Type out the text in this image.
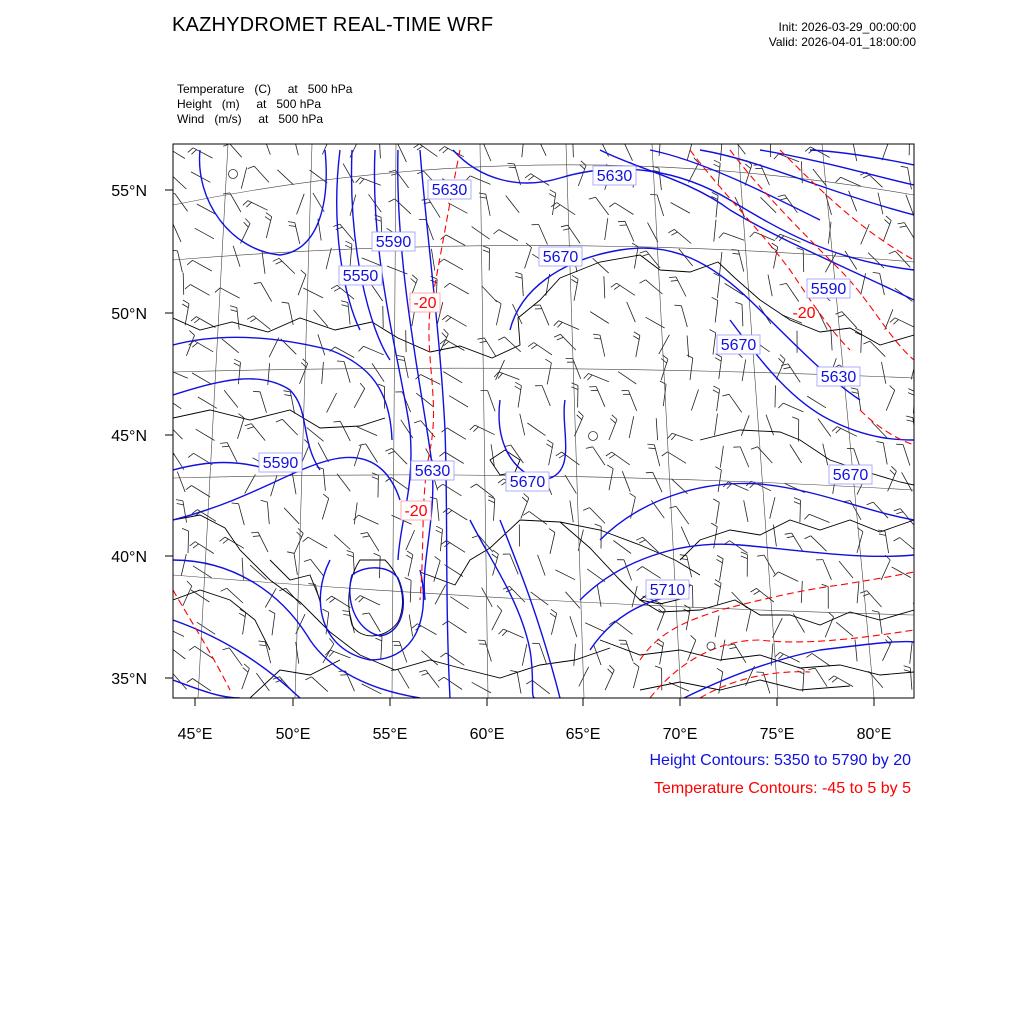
KAZHYDROMET REAL-TIME WRF	Init: 2026-03-29_00:00:00
Valid: 2026-04-01_18:00:00
Temperature   (C)     at   500 hPa
Height   (m)     at   500 hPa
Wind   (m/s)     at   500 hPa
5630
5630
5590
5550
5670
5590
5670
5630
5590	5630
5670	5670
5710
-20
-20
-20
55°N
50°N
45°N
40°N
35°N
45°E	50°E	55°E	60°E	65°E	70°E	75°E	80°E
Height Contours: 5350 to 5790 by 20
Temperature Contours: -45 to 5 by 5
